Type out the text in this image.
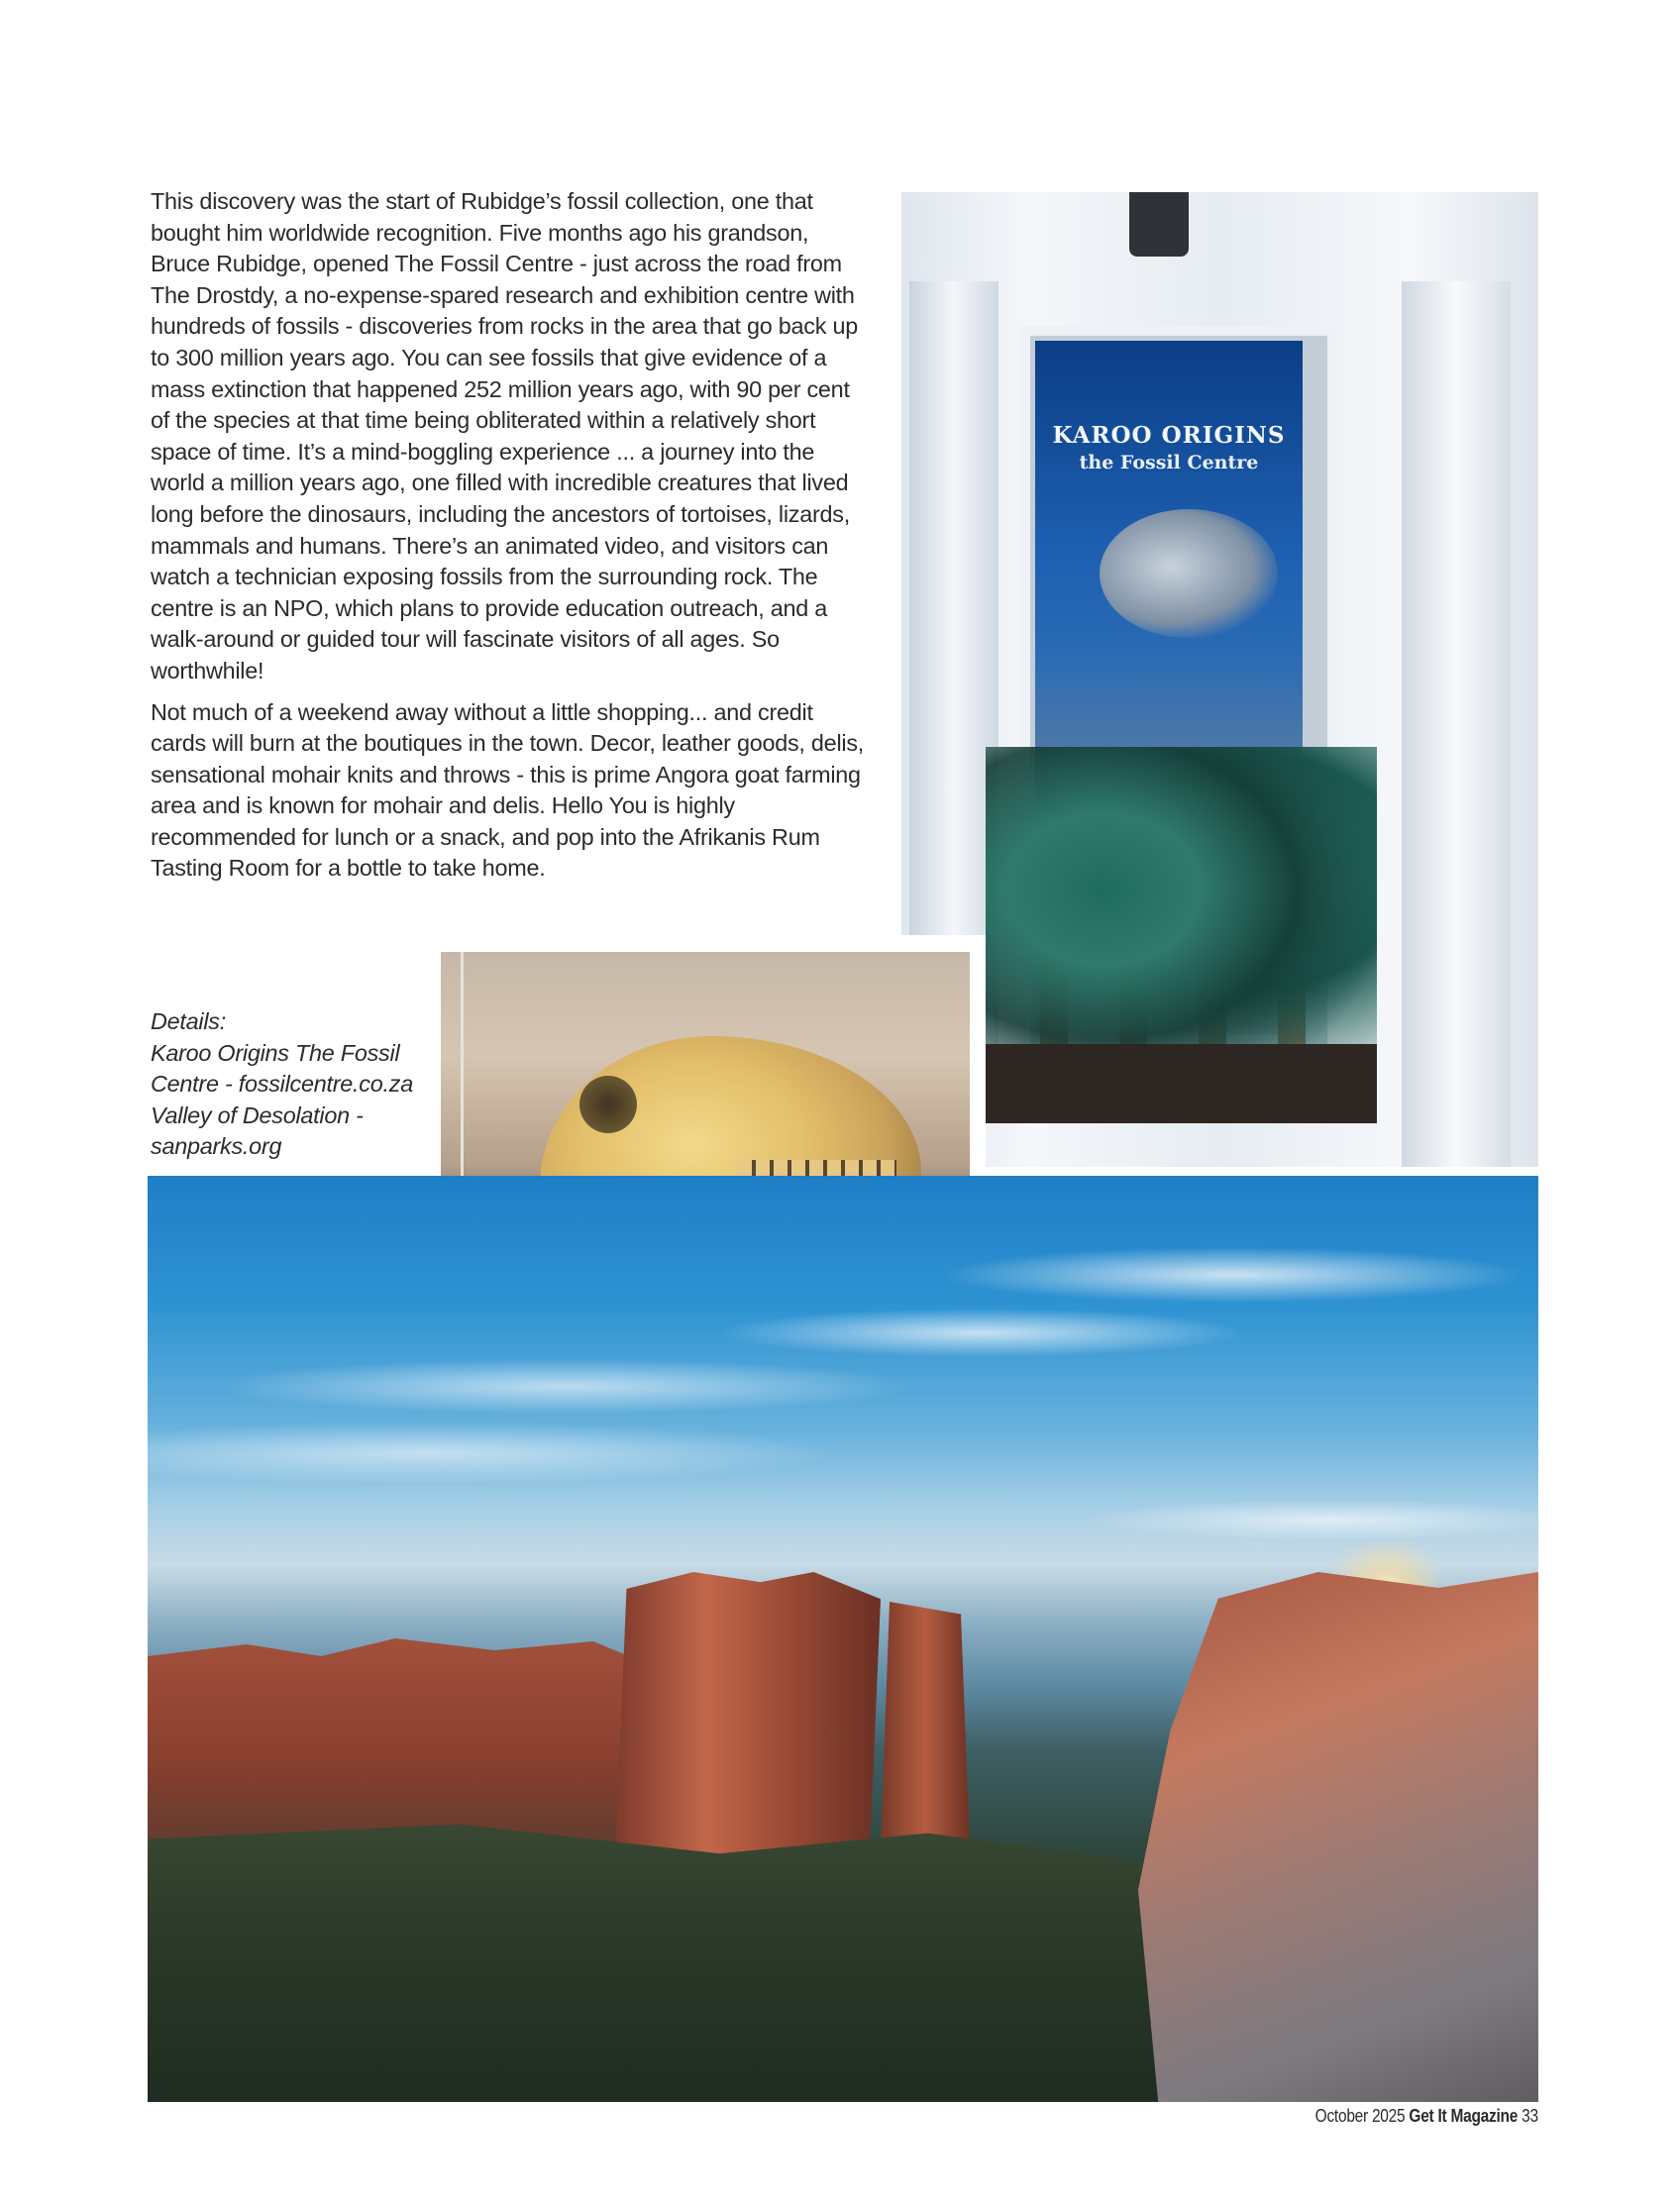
This discovery was the start of Rubidge’s fossil collection, one that bought him worldwide recognition. Five months ago his grandson, Bruce Rubidge, opened The Fossil Centre - just across the road from The Drostdy, a no-expense-spared research and exhibition centre with hundreds of fossils - discoveries from rocks in the area that go back up to 300 million years ago. You can see fossils that give evidence of a mass extinction that happened 252 million years ago, with 90 per cent of the species at that time being obliterated within a relatively short space of time. It’s a mind-boggling experience ... a journey into the world a million years ago, one filled with incredible creatures that lived long before the dinosaurs, including the ancestors of tortoises, lizards, mammals and humans. There’s an animated video, and visitors can watch a technician exposing fossils from the surrounding rock. The centre is an NPO, which plans to provide education outreach, and a walk-around or guided tour will fascinate visitors of all ages. So worthwhile!

Not much of a weekend away without a little shopping... and credit cards will burn at the boutiques in the town. Decor, leather goods, delis, sensational mohair knits and throws - this is prime Angora goat farming area and is known for mohair and delis. Hello You is highly recommended for lunch or a snack, and pop into the Afrikanis Rum Tasting Room for a bottle to take home.

Details:
Karoo Origins The Fossil
Centre - fossilcentre.co.za
Valley of Desolation -
sanparks.org
KAROO ORIGINS
the Fossil Centre
October 2025 Get It Magazine 33
